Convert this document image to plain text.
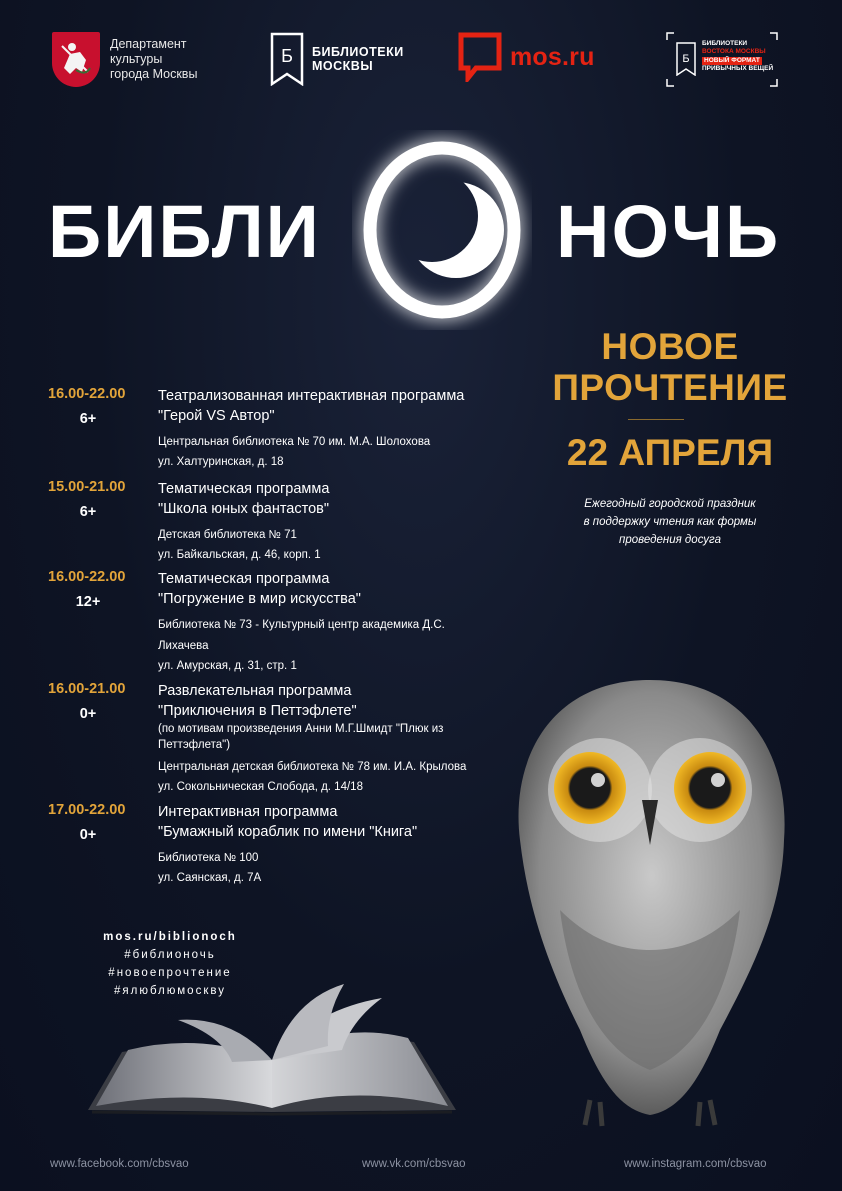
Департамент
культуры
города Москвы
Б БИБЛИОТЕКИ
МОСКВЫ	mos.ru	Б
БИБЛИОТЕКИ
ВОСТОКА МОСКВЫ
НОВЫЙ ФОРМАТ
ПРИВЫЧНЫХ ВЕЩЕЙ
БИБЛИ	НОЧЬ
НОВОЕ
ПРОЧТЕНИЕ
22 АПРЕЛЯ
Ежегодный городской праздник
в поддержку чтения как формы
проведения досуга
16.00-22.00
6+
Театрализованная интерактивная программа
"Герой VS Автор"
Центральная библиотека № 70 им. М.А. Шолохова
ул. Халтуринская, д. 18
15.00-21.00
6+
Тематическая программа
"Школа юных фантастов"
Детская библиотека № 71
ул. Байкальская, д. 46, корп. 1
16.00-22.00
12+
Тематическая программа
"Погружение в мир искусства"
Библиотека № 73 - Культурный центр академика Д.С. Лихачева
ул. Амурская, д. 31, стр. 1
16.00-21.00
0+
Развлекательная программа
"Приключения в Петтэфлете"
(по мотивам произведения Анни М.Г.Шмидт "Плюк из Петтэфлета")
Центральная детская библиотека № 78 им. И.А. Крылова
ул. Сокольническая Слобода, д. 14/18
17.00-22.00
0+
Интерактивная программа
"Бумажный кораблик по имени "Книга"
Библиотека № 100
ул. Саянская, д. 7А
mos.ru/biblionoch
#библионочь
#новоепрочтение
#ялюблюмоскву
www.facebook.com/cbsvao	www.vk.com/cbsvao	www.instagram.com/cbsvao
